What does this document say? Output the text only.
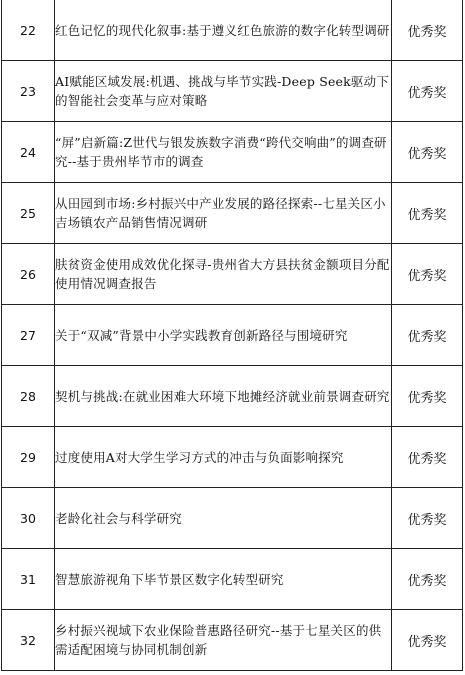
22	红色记忆的现代化叙事:基于遵义红色旅游的数字化转型调研	优秀奖
23	AI赋能区域发展:机遇、挑战与毕节实践-Deep Seek驱动下的智能社会变革与应对策略	优秀奖
24	“屏”启新篇:Z世代与银发族数字消费“跨代交响曲”的调查研究--基于贵州毕节市的调查	优秀奖
25	从田园到市场:乡村振兴中产业发展的路径探索--七星关区小吉场镇农产品销售情况调研	优秀奖
26	肤贫资金使用成效优化探寻-贵州省大方县扶贫金额项目分配使用情况调查报告	优秀奖
27	关于“双减”背景中小学实践教育创新路径与围境研究	优秀奖
28	契机与挑战:在就业困难大环境下地摊经济就业前景调查研究	优秀奖
29	过度使用A对大学生学习方式的冲击与负面影响探究	优秀奖
30	老龄化社会与科学研究	优秀奖
31	智慧旅游视角下毕节景区数字化转型研究	优秀奖
32	乡村振兴视域下农业保险普惠路径研究--基于七星关区的供需适配困境与协同机制创新	优秀奖
